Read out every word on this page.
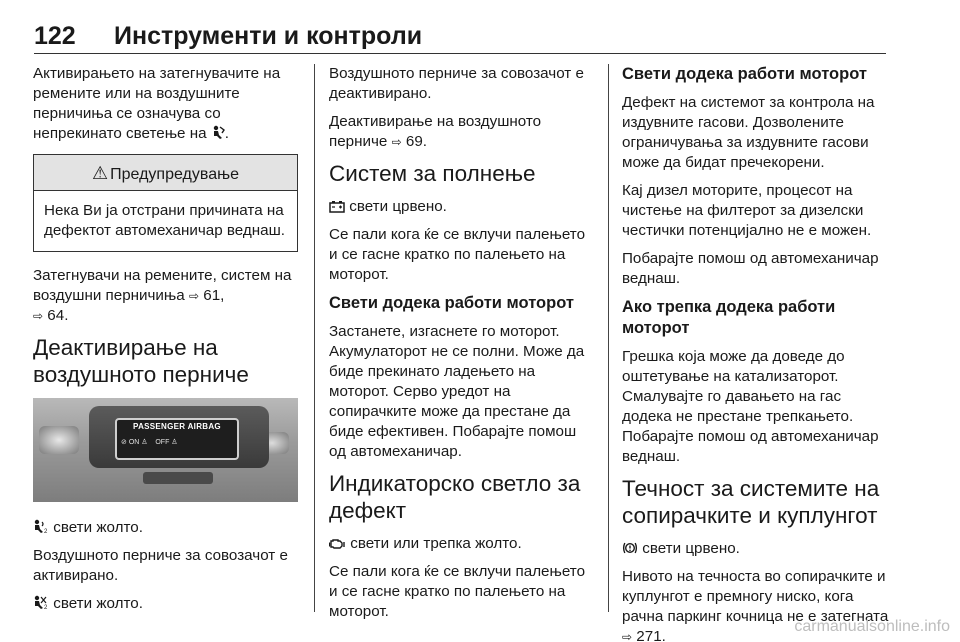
122 Инструменти и контроли

Активирањето на затегнувачите на ремените или на воздушните перничиња се означува со непрекинато светење на .

⚠ Предупредување
Нека Ви ја отстрани причината на дефектот автомеханичар веднаш.

Затегнувачи на ремените, систем на воздушни перничиња ⇨ 61,
⇨ 64.

Деактивирање на воздушното перниче
PASSENGER AIRBAG
⊘ ON ♙ OFF ♙

2 свети жолто.

Воздушното перниче за совозачот е активирано.

2 свети жолто.

Воздушното перниче за совозачот е деактивирано.

Деактивирање на воздушното перниче ⇨ 69.

Систем за полнење

свети црвено.

Се пали кога ќе се вклучи палењето и се гасне кратко по палењето на моторот.

Свети додека работи моторот

Застанете, изгаснете го моторот. Акумулаторот не се полни. Може да биде прекинато ладењето на моторот. Серво уредот на сопирачките може да престане да биде ефективен. Побарајте помош од автомеханичар.

Индикаторско светло за дефект

свети или трепка жолто.

Се пали кога ќе се вклучи палењето и се гасне кратко по палењето на моторот.

Свети додека работи моторот

Дефект на системот за контрола на издувните гасови. Дозволените ограничувања за издувните гасови може да бидат пречекорени.

Кај дизел моторите, процесот на чистење на филтерот за дизелски честички потенцијално не е можен.

Побарајте помош од автомеханичар веднаш.

Ако трепка додека работи моторот

Грешка која може да доведе до оштетување на катализаторот. Смалувајте го давањето на гас додека не престане трепкањето. Побарајте помош од автомеханичар веднаш.

Течност за системите на сопирачките и куплунгот

свети црвено.

Нивото на течноста во сопирачките и куплунгот е премногу ниско, кога рачна паркинг кочница не е затегната ⇨ 271.

carmanualsonline.info
